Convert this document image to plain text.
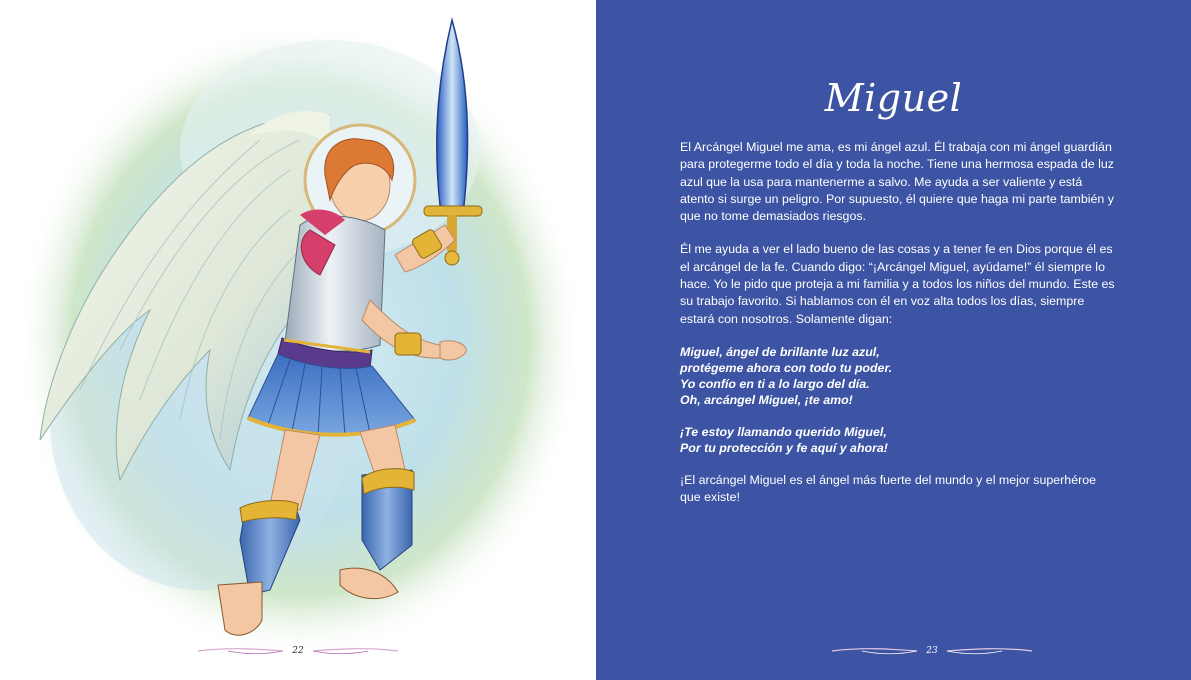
22
Miguel

El Arcángel Miguel me ama, es mi ángel azul. Él trabaja con mi ángel guardián para protegerme todo el día y toda la noche. Tiene una hermosa espada de luz azul que la usa para mantenerme a salvo. Me ayuda a ser valiente y está atento si surge un peligro. Por supuesto, él quiere que haga mi parte también y que no tome demasiados riesgos.

Él me ayuda a ver el lado bueno de las cosas y a tener fe en Dios porque él es el arcángel de la fe. Cuando digo: “¡Arcángel Miguel, ayúdame!” él siempre lo hace. Yo le pido que proteja a mi familia y a todos los niños del mundo. Este es su trabajo favorito. Si hablamos con él en voz alta todos los días, siempre estará con nosotros. Solamente digan:

Miguel, ángel de brillante luz azul,
protégeme ahora con todo tu poder.
Yo confío en ti a lo largo del día.
Oh, arcángel Miguel, ¡te amo!
¡Te estoy llamando querido Miguel,
Por tu protección y fe aquí y ahora!

¡El arcángel Miguel es el ángel más fuerte del mundo y el mejor superhéroe que existe!

23
